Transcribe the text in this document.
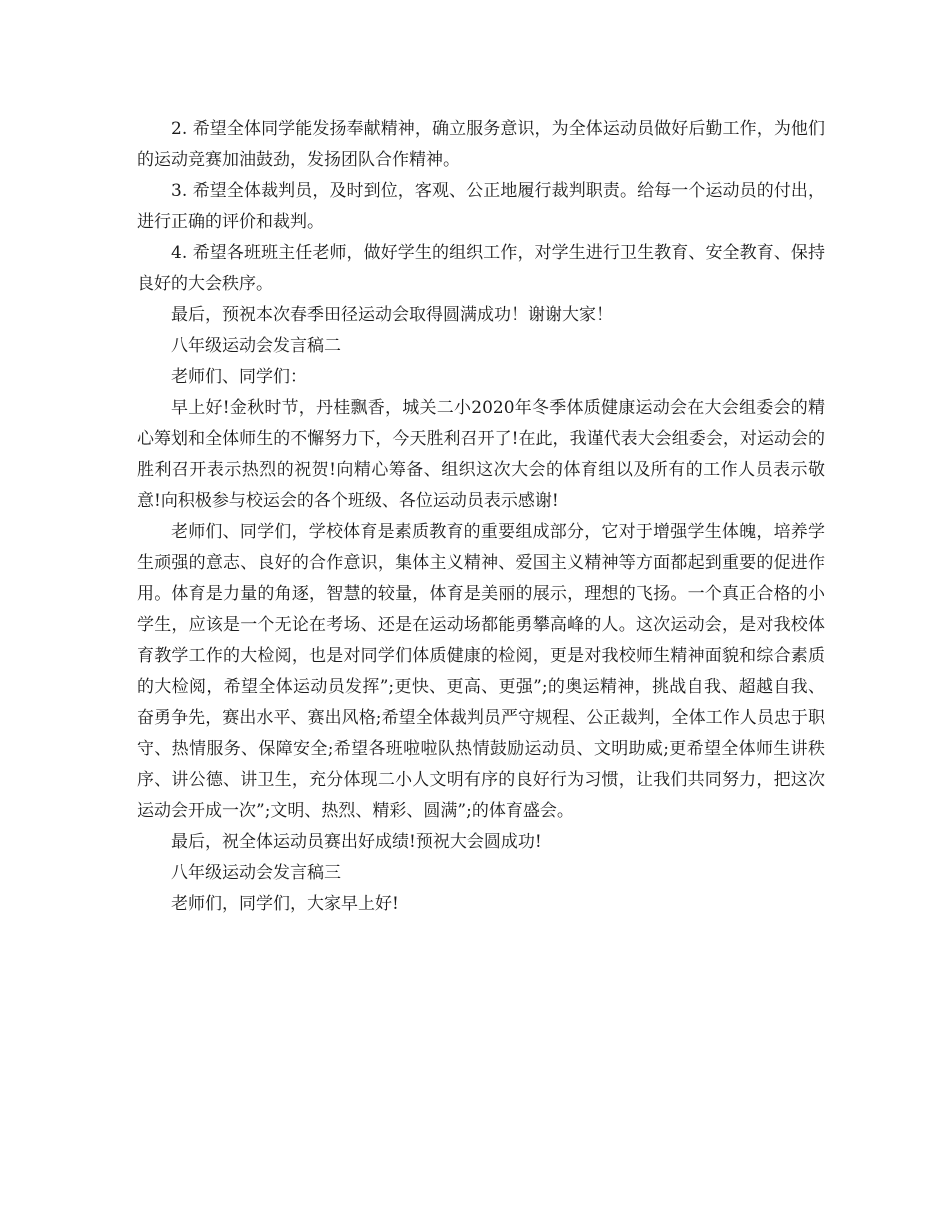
2. 希望全体同学能发扬奉献精神，确立服务意识，为全体运动员做好后勤工作，为他们的运动竞赛加油鼓劲，发扬团队合作精神。

3. 希望全体裁判员，及时到位，客观、公正地履行裁判职责。给每一个运动员的付出，进行正确的评价和裁判。

4. 希望各班班主任老师，做好学生的组织工作，对学生进行卫生教育、安全教育、保持良好的大会秩序。

最后，预祝本次春季田径运动会取得圆满成功！谢谢大家！

八年级运动会发言稿二

老师们、同学们：

早上好!金秋时节，丹桂飘香，城关二小2020年冬季体质健康运动会在大会组委会的精心筹划和全体师生的不懈努力下，今天胜利召开了!在此，我谨代表大会组委会，对运动会的胜利召开表示热烈的祝贺!向精心筹备、组织这次大会的体育组以及所有的工作人员表示敬意!向积极参与校运会的各个班级、各位运动员表示感谢!

老师们、同学们，学校体育是素质教育的重要组成部分，它对于增强学生体魄，培养学生顽强的意志、良好的合作意识，集体主义精神、爱国主义精神等方面都起到重要的促进作用。体育是力量的角逐，智慧的较量，体育是美丽的展示，理想的飞扬。一个真正合格的小学生，应该是一个无论在考场、还是在运动场都能勇攀高峰的人。这次运动会，是对我校体育教学工作的大检阅，也是对同学们体质健康的检阅，更是对我校师生精神面貌和综合素质的大检阅，希望全体运动员发挥”;更快、更高、更强”;的奥运精神，挑战自我、超越自我、奋勇争先，赛出水平、赛出风格;希望全体裁判员严守规程、公正裁判，全体工作人员忠于职守、热情服务、保障安全;希望各班啦啦队热情鼓励运动员、文明助威;更希望全体师生讲秩序、讲公德、讲卫生，充分体现二小人文明有序的良好行为习惯，让我们共同努力，把这次运动会开成一次”;文明、热烈、精彩、圆满”;的体育盛会。

最后，祝全体运动员赛出好成绩!预祝大会圆成功!

八年级运动会发言稿三

老师们，同学们，大家早上好!
